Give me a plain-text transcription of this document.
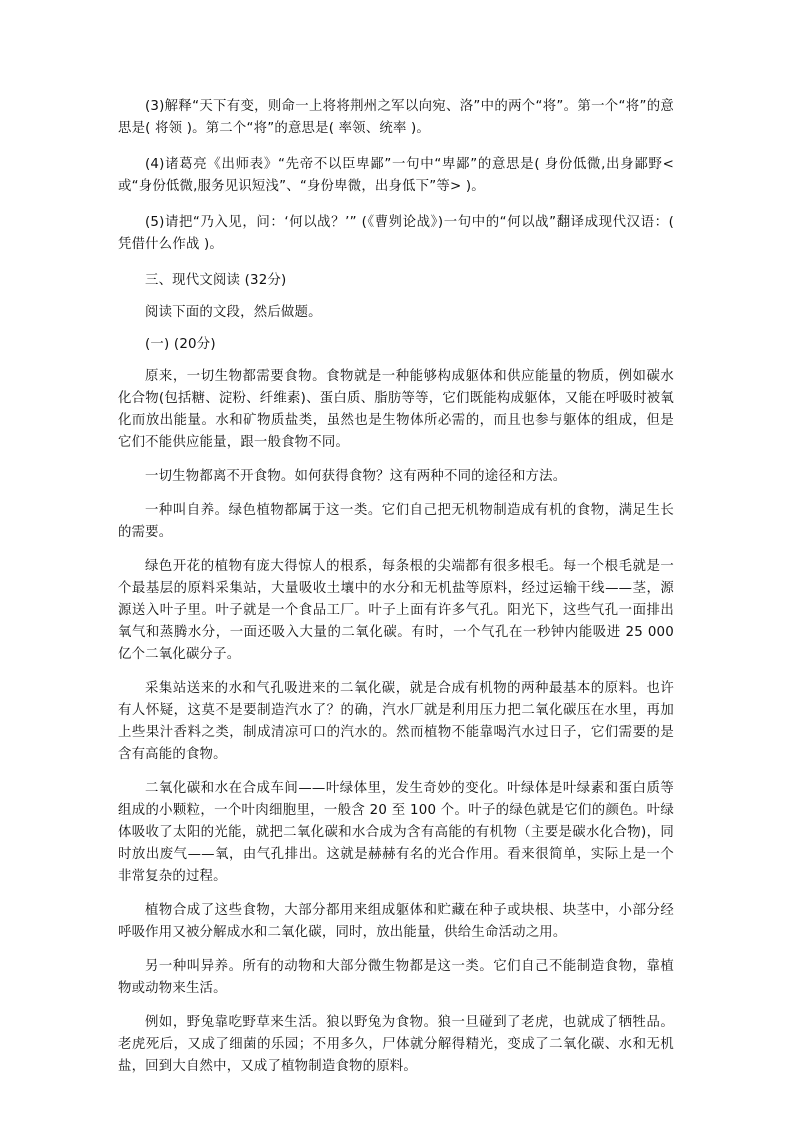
(3)解释“天下有变，则命一上将将荆州之军以向宛、洛”中的两个“将”。第一个“将”的意思是( 将领 )。第二个“将”的意思是( 率领、统率 )。

(4)诸葛亮《出师表》“先帝不以臣卑鄙”一句中“卑鄙”的意思是( 身份低微,出身鄙野<或“身份低微,服务见识短浅”、“身份卑微，出身低下”等> )。

(5)请把“乃入见，问：‘何以战？’” (《曹刿论战》)一句中的“何以战”翻译成现代汉语：( 凭借什么作战 )。

三、现代文阅读 (32分)

阅读下面的文段，然后做题。

(一) (20分)

原来，一切生物都需要食物。食物就是一种能够构成躯体和供应能量的物质，例如碳水化合物(包括糖、淀粉、纤维素)、蛋白质、脂肪等等，它们既能构成躯体，又能在呼吸时被氧化而放出能量。水和矿物质盐类，虽然也是生物体所必需的，而且也参与躯体的组成，但是它们不能供应能量，跟一般食物不同。

一切生物都离不开食物。如何获得食物？这有两种不同的途径和方法。

一种叫自养。绿色植物都属于这一类。它们自己把无机物制造成有机的食物，满足生长的需要。

绿色开花的植物有庞大得惊人的根系，每条根的尖端都有很多根毛。每一个根毛就是一个最基层的原料采集站，大量吸收土壤中的水分和无机盐等原料，经过运输干线——茎，源源送入叶子里。叶子就是一个食品工厂。叶子上面有许多气孔。阳光下，这些气孔一面排出氧气和蒸腾水分，一面还吸入大量的二氧化碳。有时，一个气孔在一秒钟内能吸进 25 000 亿个二氧化碳分子。

采集站送来的水和气孔吸进来的二氧化碳，就是合成有机物的两种最基本的原料。也许有人怀疑，这莫不是要制造汽水了？的确，汽水厂就是利用压力把二氧化碳压在水里，再加上些果汁香料之类，制成清凉可口的汽水的。然而植物不能靠喝汽水过日子，它们需要的是含有高能的食物。

二氧化碳和水在合成车间——叶绿体里，发生奇妙的变化。叶绿体是叶绿素和蛋白质等组成的小颗粒，一个叶肉细胞里，一般含 20 至 100 个。叶子的绿色就是它们的颜色。叶绿体吸收了太阳的光能，就把二氧化碳和水合成为含有高能的有机物（主要是碳水化合物)，同时放出废气——氧，由气孔排出。这就是赫赫有名的光合作用。看来很简单，实际上是一个非常复杂的过程。

植物合成了这些食物，大部分都用来组成躯体和贮藏在种子或块根、块茎中，小部分经呼吸作用又被分解成水和二氧化碳，同时，放出能量，供给生命活动之用。

另一种叫异养。所有的动物和大部分微生物都是这一类。它们自己不能制造食物，靠植物或动物来生活。

例如，野兔靠吃野草来生活。狼以野兔为食物。狼一旦碰到了老虎，也就成了牺牲品。老虎死后，又成了细菌的乐园；不用多久，尸体就分解得精光，变成了二氧化碳、水和无机盐，回到大自然中，又成了植物制造食物的原料。
